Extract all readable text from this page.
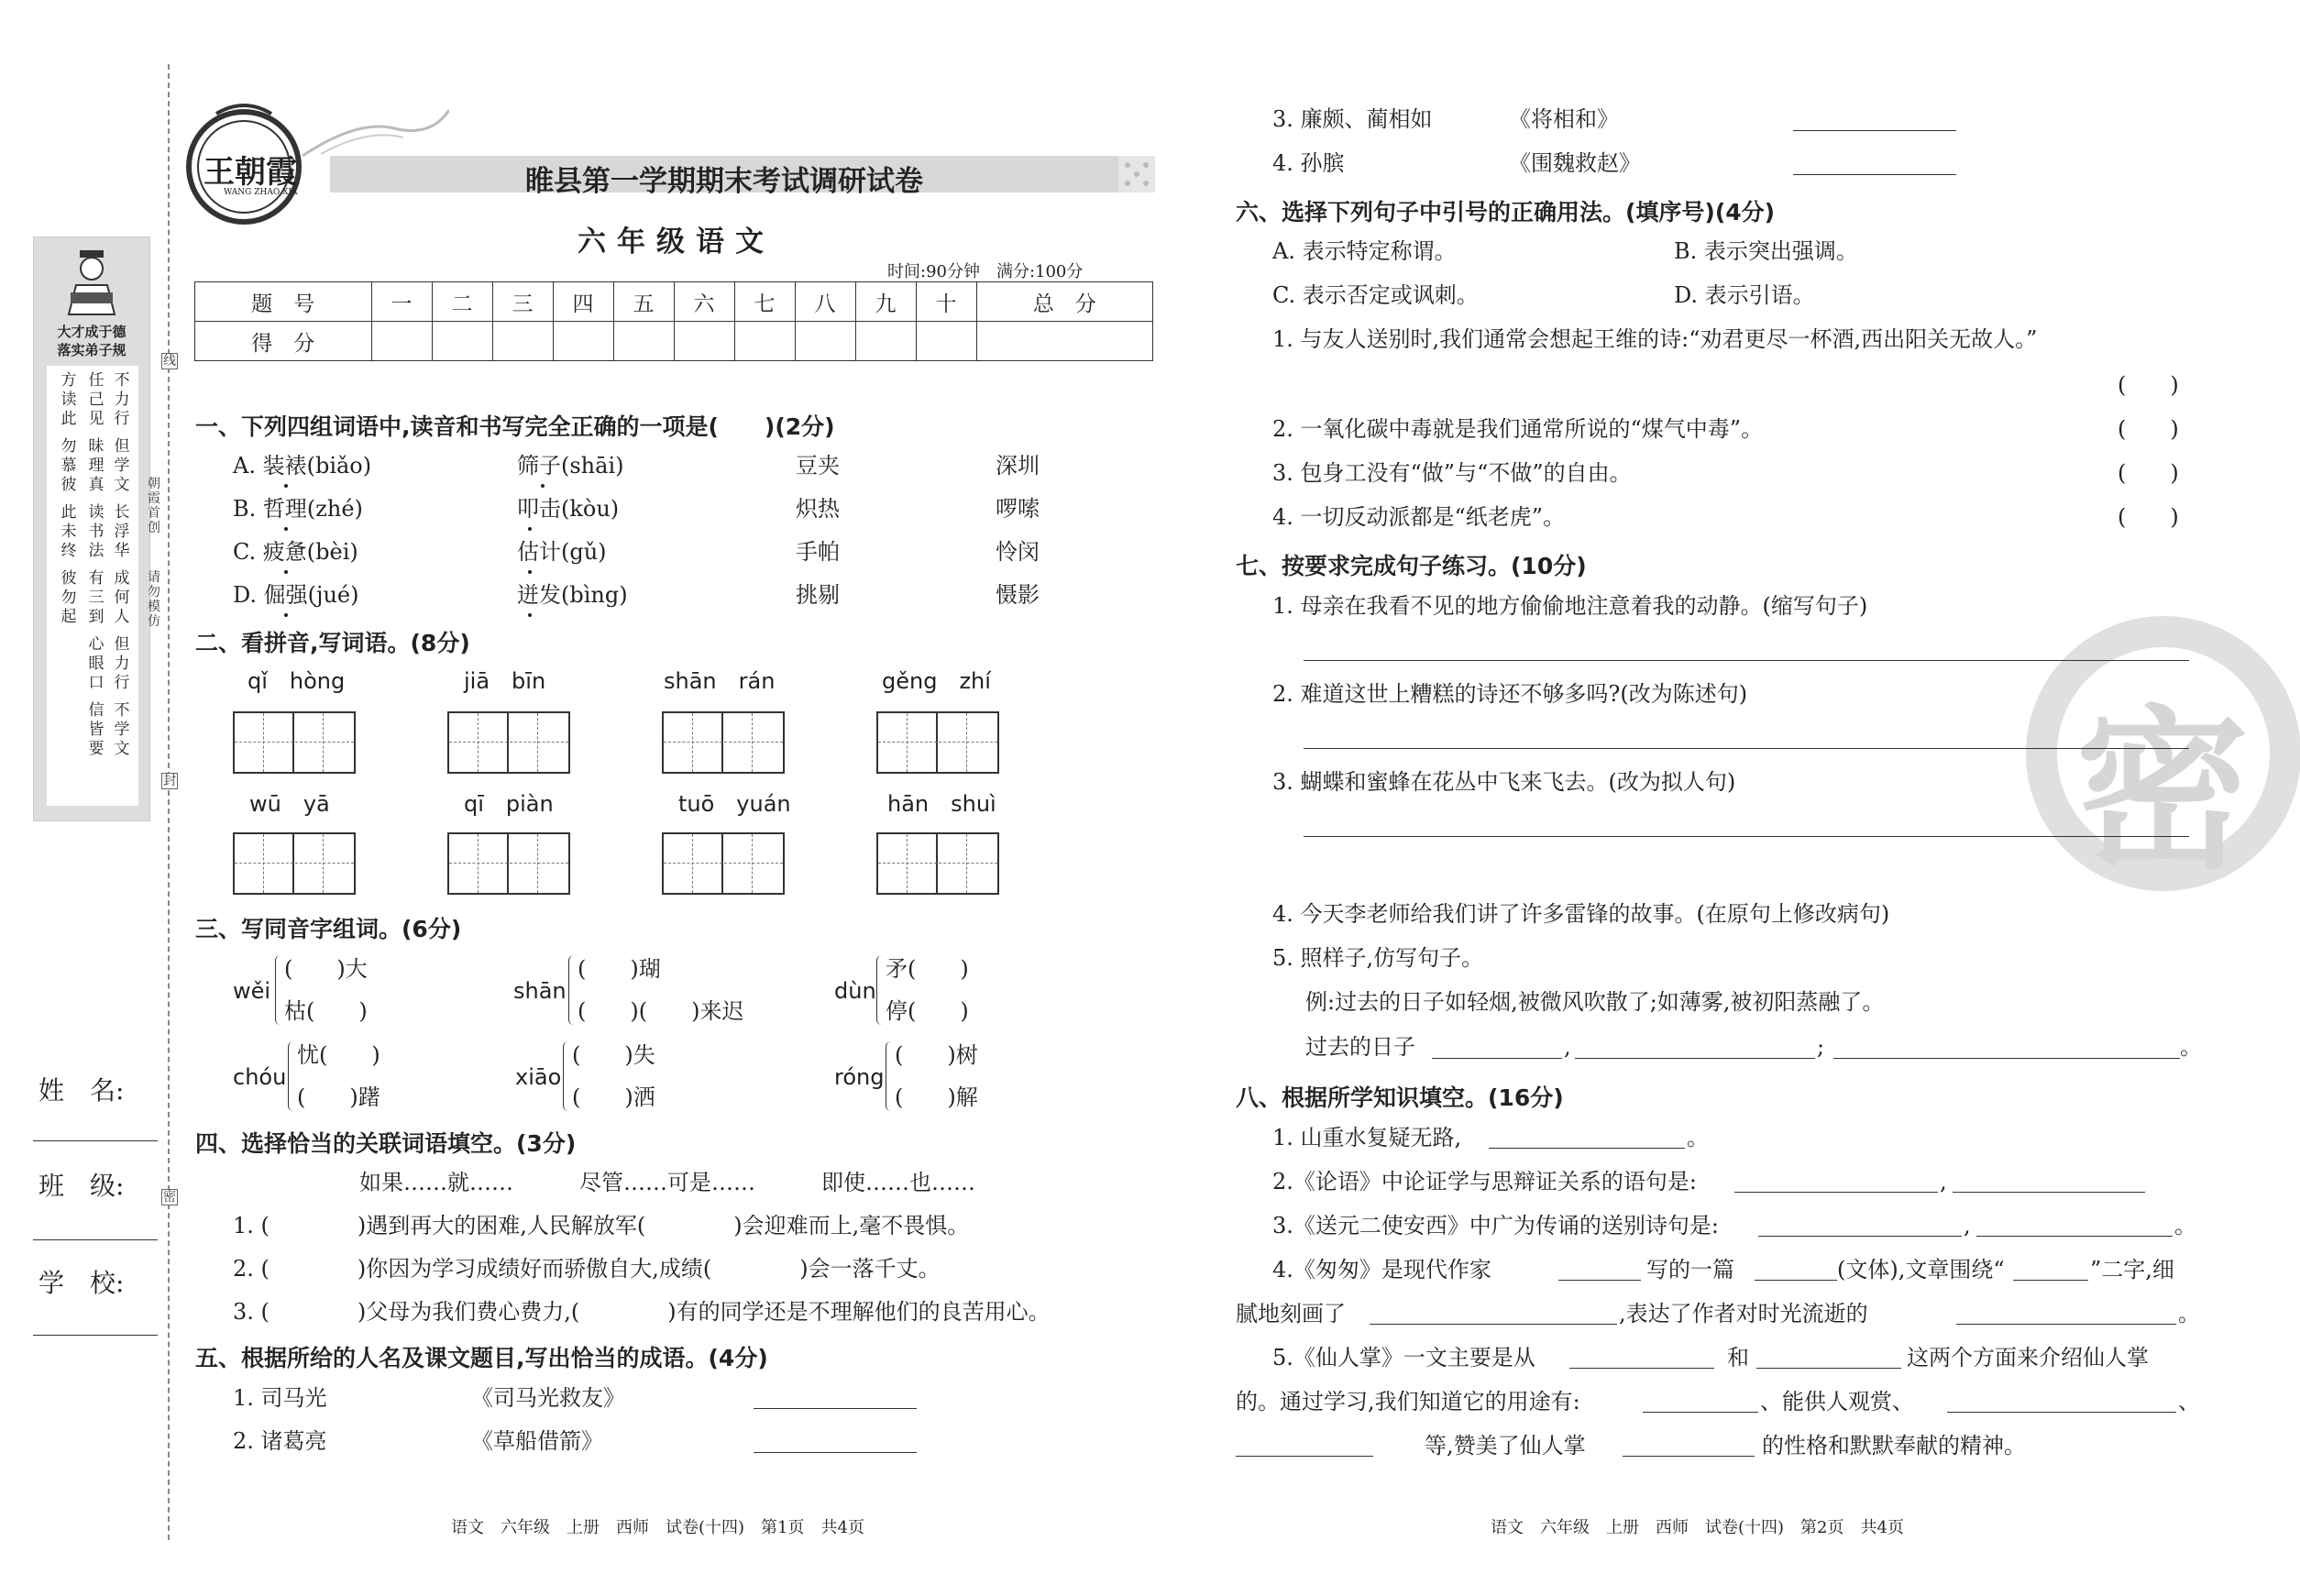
大才成于德
落实弟子规
不力行
但学文
长浮华
成何人
但力行
不学文
任己见
昧理真
读书法
有三到
心眼口
信皆要
方读此
勿慕彼
此未终
彼勿起
朝霞首创
请勿模仿
线
封
密
姓　名:
班　级:
学　校:
王朝霞
WANG ZHAO XIA	睢县第一学期期末考试调研试卷
六年级语文
时间:90分钟　满分:100分
题　号	一	二	三	四	五	六	七	八	九	十	总　分
得　分											
一、下列四组词语中,读音和书写完全正确的一项是(　　)(2分)
A. 装裱(biǎo)	筛子(shāi)	豆夹	深圳
B. 哲理(zhé)	叩击(kòu)	炽热	啰嗦
C. 疲惫(bèi)	估计(gǔ)	手帕	怜闵
D. 倔强(jué)	迸发(bìng)	挑剔	慑影
二、看拼音,写词语。(8分)
qǐ　hòng	jiā　bīn	shān　rán	gěng　zhí
wū　yā	qī　piàn	tuō　yuán	hān　shuì
三、写同音字组词。(6分)
wěi
(　　)大
枯(　　)
shān
(　　)瑚
(　　)(　　)来迟
dùn
矛(　　)
停(　　)
chóu
忧(　　)
(　　)躇
xiāo
(　　)失
(　　)洒
róng
(　　)树
(　　)解
四、选择恰当的关联词语填空。(3分)
如果……就……　　　尽管……可是……　　　即使……也……
1. (　　　　)遇到再大的困难,人民解放军(　　　　)会迎难而上,毫不畏惧。
2. (　　　　)你因为学习成绩好而骄傲自大,成绩(　　　　)会一落千丈。
3. (　　　　)父母为我们费心费力,(　　　　)有的同学还是不理解他们的良苦用心。
五、根据所给的人名及课文题目,写出恰当的成语。(4分)
1. 司马光	《司马光救友》
2. 诸葛亮	《草船借箭》
语文　六年级　上册　西师　试卷(十四)　第1页　共4页
3. 廉颇、蔺相如	《将相和》
4. 孙膑	《围魏救赵》
六、选择下列句子中引号的正确用法。(填序号)(4分)
A. 表示特定称谓。	B. 表示突出强调。
C. 表示否定或讽刺。	D. 表示引语。
1. 与友人送别时,我们通常会想起王维的诗:“劝君更尽一杯酒,西出阳关无故人。”
(　　)
2. 一氧化碳中毒就是我们通常所说的“煤气中毒”。	(　　)
3. 包身工没有“做”与“不做”的自由。	(　　)
4. 一切反动派都是“纸老虎”。	(　　)
密
七、按要求完成句子练习。(10分)
1. 母亲在我看不见的地方偷偷地注意着我的动静。(缩写句子)
2. 难道这世上糟糕的诗还不够多吗?(改为陈述句)
3. 蝴蝶和蜜蜂在花丛中飞来飞去。(改为拟人句)
4. 今天李老师给我们讲了许多雷锋的故事。(在原句上修改病句)
5. 照样子,仿写句子。
例:过去的日子如轻烟,被微风吹散了;如薄雾,被初阳蒸融了。
过去的日子	,	;	。
八、根据所学知识填空。(16分)
1. 山重水复疑无路,	。
2.《论语》中论证学与思辩证关系的语句是:	,
3.《送元二使安西》中广为传诵的送别诗句是:	,	。
4.《匆匆》是现代作家	写的一篇	(文体),文章围绕“	”二字,细
腻地刻画了	,表达了作者对时光流逝的	。
5.《仙人掌》一文主要是从	和	这两个方面来介绍仙人掌
的。通过学习,我们知道它的用途有:	、能供人观赏、	、
等,赞美了仙人掌	的性格和默默奉献的精神。
语文　六年级　上册　西师　试卷(十四)　第2页　共4页
